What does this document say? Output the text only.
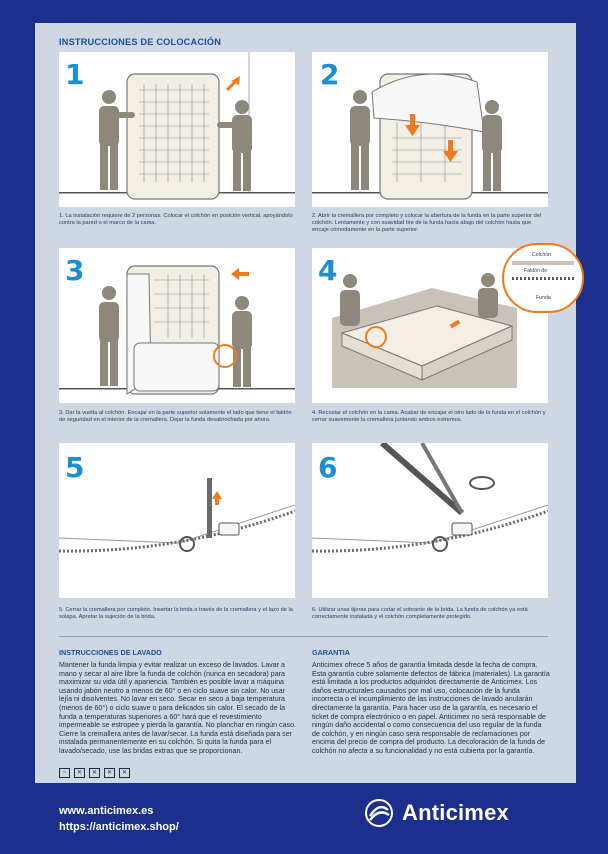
INSTRUCCIONES DE COLOCACIÓN
1
1. La instalación requiere de 2 personas. Colocar el colchón en posición vertical, apoyándolo contra la pared o el marco de la cama.
2
2. Abrir la cremallera por completo y colocar la abertura de la funda en la parte superior del colchón. Lentamente y con suavidad tire de la funda hacia abajo del colchón hasta que encaje cómodamente en la parte superior.
3
3. Dar la vuelta al colchón. Encajar en la parte superior solamente el lado que tiene el faldón de seguridad en el interior de la cremallera. Dejar la funda desabrochada por ahora.
4
4. Recostar el colchón en la cama. Acabar de encajar el otro lado de la funda en el colchón y cerrar suavemente la cremallera juntando ambos extremos.
Colchón
Faldón de
Funda
5
5. Cerrar la cremallera por completo. Insertar la brida a través de la cremallera y el lazo de la solapa. Apretar la sujeción de la brida.
6
6. Utilizar unas tijeras para cortar el sobrante de la brida. La funda de colchón ya está correctamente instalada y el colchón completamente protegido.
INSTRUCCIONES DE LAVADO
Mantener la funda limpia y evitar realizar un exceso de lavados. Lavar a mano y secar al aire libre la funda de colchón (nunca en secadora) para maximizar su vida útil y apariencia. También es posible lavar a máquina usando jabón neutro a menos de 60° o en ciclo suave sin calor. No usar lejía ni disolventes. No lavar en seco. Secar en seco a baja temperatura (menos de 60°) o ciclo suave o para delicados sin calor. El secado de la funda a temperaturas superiores a 60° hará que el revestimiento impermeable se estropee y pierda la garantía. No planchar en ningún caso. Cierre la cremallera antes de lavar/secar. La funda está diseñada para ser instalada permanentemente en su colchón. Si quita la funda para el lavado/secado, use las bridas extras que se proporcionan.
~	✕	✕	✕	✕
GARANTIA
Anticimex ofrece 5 años de garantía limitada desde la fecha de compra. Esta garantía cubre solamente defectos de fábrica (materiales). La garantía está limitada a los productos adquiridos directamente de Anticimex. Los daños estructurales causados por mal uso, colocación de la funda incorrecta o el incumplimiento de las instrucciones de lavado anularán directamente la garantía. Para hacer uso de la garantía, es necesario el ticket de compra electrónico o en papel. Anticimex no será responsable de ningún daño accidental o como consecuencia del uso regular de la funda de colchón, y en ningún caso será responsable de reclamaciones por encima del precio de compra del producto. La decoloración de la funda de colchón no afecta a su funcionalidad y no está cubierta por la garantía.
www.anticimex.es
https://anticimex.shop/
Anticimex
